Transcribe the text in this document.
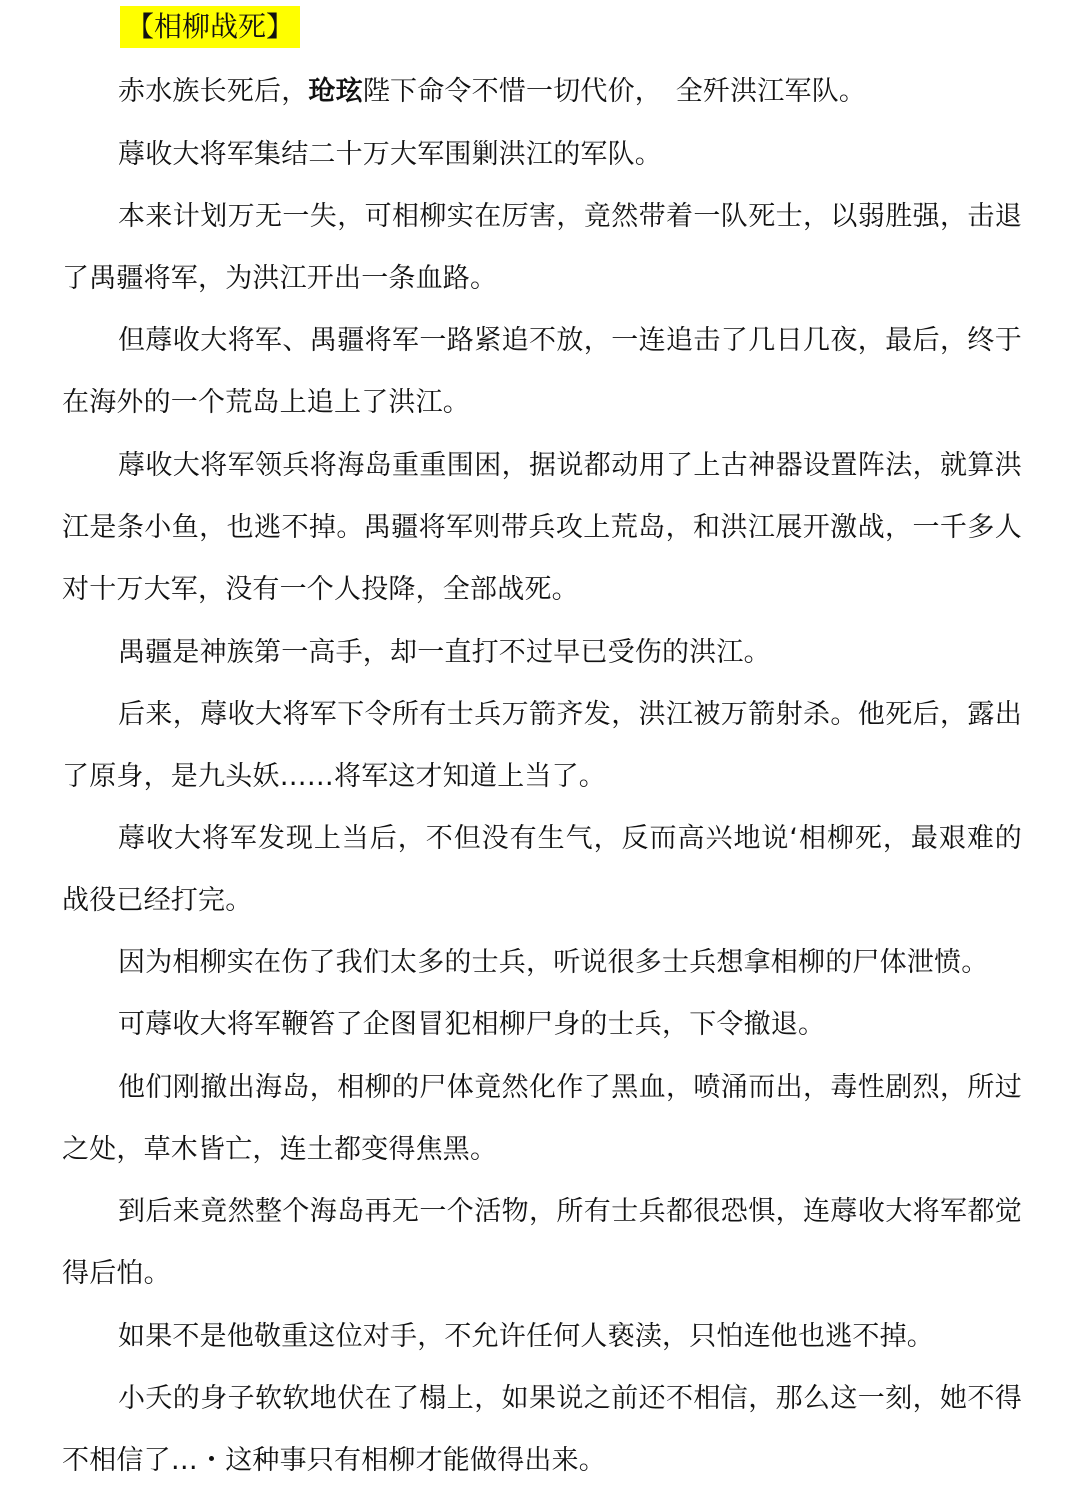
【相柳战死】

赤水族长死后，玱玹陛下命令不惜一切代价，　全歼洪江军队。

蓐收大将军集结二十万大军围剿洪江的军队。

本来计划万无一失，可相柳实在厉害，竟然带着一队死士，以弱胜强，击退了禺疆将军，为洪江开出一条血路。

但蓐收大将军、禺疆将军一路紧追不放，一连追击了几日几夜，最后，终于在海外的一个荒岛上追上了洪江。

蓐收大将军领兵将海岛重重围困，据说都动用了上古神器设置阵法，就算洪江是条小鱼，也逃不掉。禺疆将军则带兵攻上荒岛，和洪江展开激战，一千多人对十万大军，没有一个人投降，全部战死。

禺疆是神族第一高手，却一直打不过早已受伤的洪江。

后来，蓐收大将军下令所有士兵万箭齐发，洪江被万箭射杀。他死后，露出了原身，是九头妖……将军这才知道上当了。

蓐收大将军发现上当后，不但没有生气，反而高兴地说‘相柳死，最艰难的战役已经打完。

因为相柳实在伤了我们太多的士兵，听说很多士兵想拿相柳的尸体泄愤。

可蓐收大将军鞭笞了企图冒犯相柳尸身的士兵，下令撤退。

他们刚撤出海岛，相柳的尸体竟然化作了黑血，喷涌而出，毒性剧烈，所过之处，草木皆亡，连土都变得焦黑。

到后来竟然整个海岛再无一个活物，所有士兵都很恐惧，连蓐收大将军都觉得后怕。

如果不是他敬重这位对手，不允许任何人亵渎，只怕连他也逃不掉。

小夭的身子软软地伏在了榻上，如果说之前还不相信，那么这一刻，她不得不相信了…・这种事只有相柳才能做得出来。
